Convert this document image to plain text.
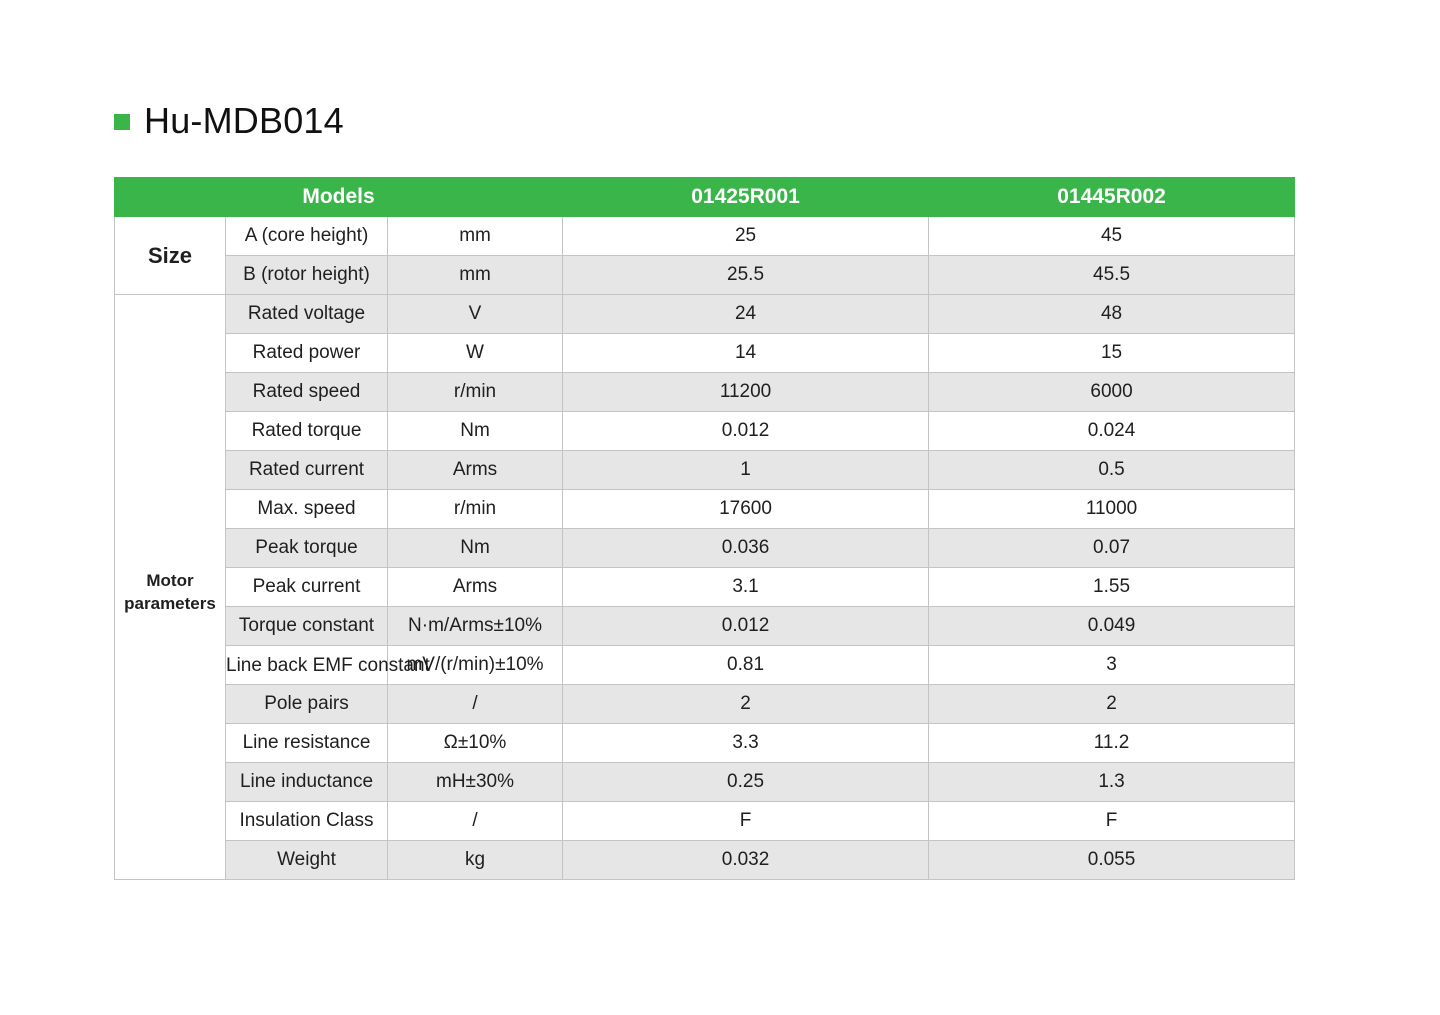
Hu-MDB014
Models			01425R001	01445R002
Size	A (core height)	mm	25	45
	B (rotor height)	mm	25.5	45.5
Motor parameters	Rated voltage	V	24	48
	Rated power	W	14	15
	Rated speed	r/min	11200	6000
	Rated torque	Nm	0.012	0.024
	Rated current	Arms	1	0.5
	Max. speed	r/min	17600	11000
	Peak torque	Nm	0.036	0.07
	Peak current	Arms	3.1	1.55
	Torque constant	N·m/Arms±10%	0.012	0.049
	Line back EMF constant	mV/(r/min)±10%	0.81	3
	Pole pairs	/	2	2
	Line resistance	Ω±10%	3.3	11.2
	Line inductance	mH±30%	0.25	1.3
	Insulation Class	/	F	F
	Weight	kg	0.032	0.055
